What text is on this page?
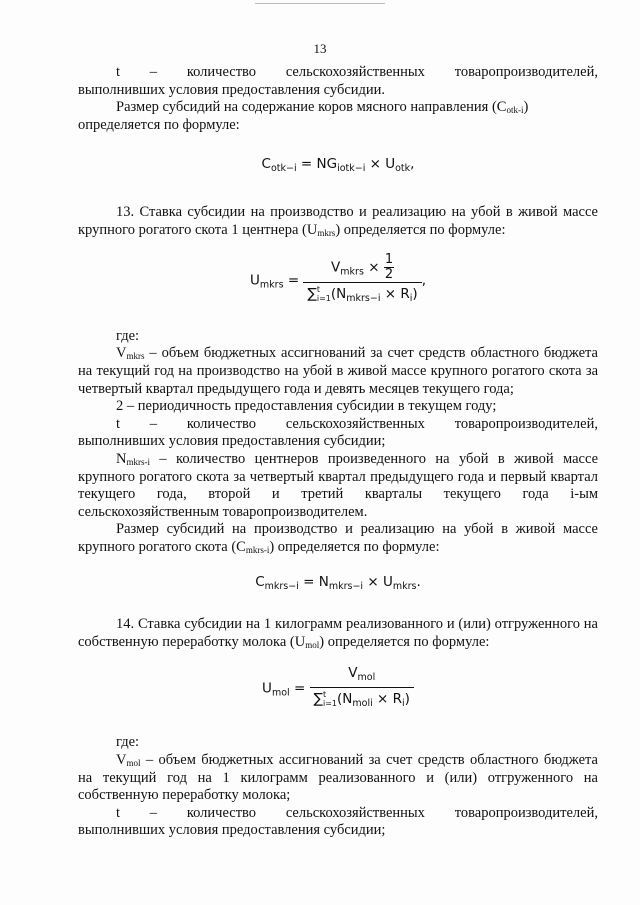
13
t – количество сельскохозяйственных товаропроизводителей,

выполнивших условия предоставления субсидии.

Размер субсидий на содержание коров мясного направления $(C_{otk-i})$
определяется по формуле:

$C_{otk-i} = NG_{iotk-i} \times U_{otk}$,

13. Ставка субсидии на производство и реализацию на убой в живой массе крупного рогатого скота 1 центнера $(U_{mkrs})$ определяется по формуле:

$U_{mkrs} = V_{mkrs} \times \frac{1}{2}$
∑ t
i=1 $(N_{mkrs-i} \times R_i)$ ,

где:

$V_{mkrs}$ – объем бюджетных ассигнований за счет средств областного бюджета на текущий год на производство на убой в живой массе крупного рогатого скота за четвертый квартал предыдущего года и девять месяцев текущего года;

2 – периодичность предоставления субсидии в текущем году;

t – количество сельскохозяйственных товаропроизводителей,

выполнивших условия предоставления субсидии;

$N_{mkrs-i}$ – количество центнеров произведенного на убой в живой массе крупного рогатого скота за четвертый квартал предыдущего года и первый квартал текущего года, второй и третий кварталы текущего года i-ым сельскохозяйственным товаропроизводителем.

Размер субсидий на производство и реализацию на убой в живой массе крупного рогатого скота $(C_{mkrs-i})$ определяется по формуле:

$C_{mkrs-i} = N_{mkrs-i} \times U_{mkrs}$.

14. Ставка субсидии на 1 килограмм реализованного и (или) отгруженного на собственную переработку молока $(U_{mol})$ определяется по формуле:

$U_{mol} = V_{mol}$
∑ t
i=1 $(N_{moli} \times R_i)$

где:

$V_{mol}$ – объем бюджетных ассигнований за счет средств областного бюджета на текущий год на 1 килограмм реализованного и (или) отгруженного на собственную переработку молока;

t – количество сельскохозяйственных товаропроизводителей,

выполнивших условия предоставления субсидии;
